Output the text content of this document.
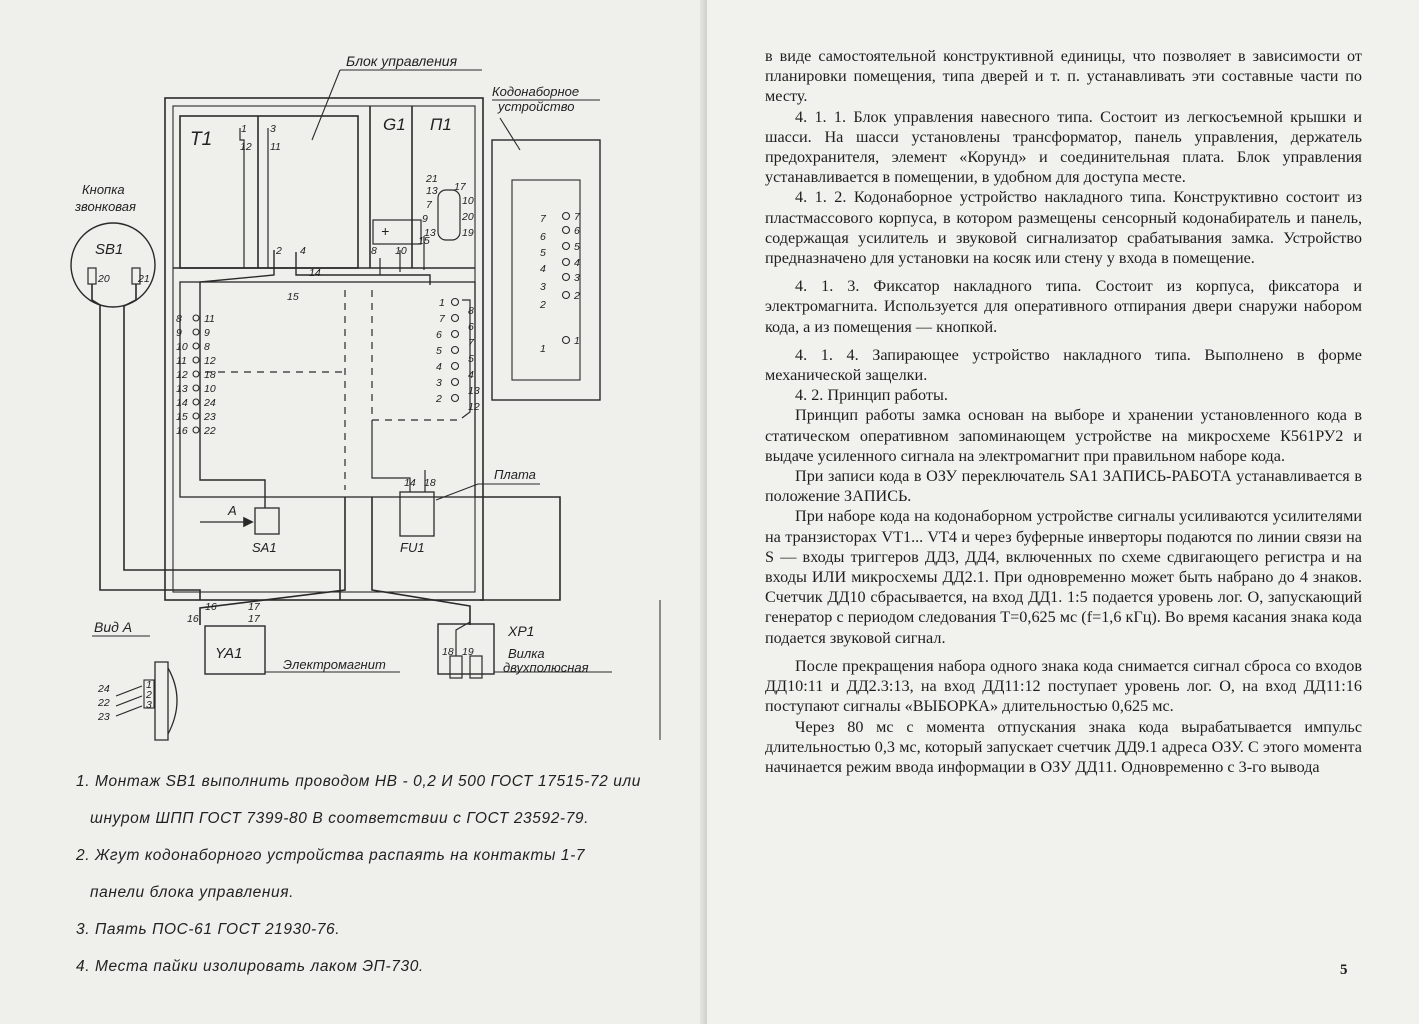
Блок управления
T1
G1 П1
+
Кодонаборное
устройство
Кнопка
звонковая
SB1
Плата
SA1	FU1
А
XP1
YA1
Электромагнит
Вилка
двухполюсная
Вид А
20	21
1
12
3
11
2 4
14
15
8 10
15
21
13 17
7
9
13
10
20
19
8 11
9 9
10 8
11 12
12 18
13 10
14 24
15 23
16 22
1
7
6
5
4
3
2
8
6
7
5
4
13
12
7	7
6	6
5	5
4	4
3
3
2
2
1
1
14 18
16
16
17
17
18 19
24
22
23
1
2
3
1. Монтаж SB1 выполнить проводом НВ - 0,2 И 500 ГОСТ 17515-72 или
шнуром ШПП ГОСТ 7399-80 В соответствии с ГОСТ 23592-79.
2. Жгут кодонаборного устройства распаять на контакты 1-7
панели блока управления.
3. Паять ПОС-61 ГОСТ 21930-76.
4. Места пайки изолировать лаком ЭП-730.

в виде самостоятельной конструктивной единицы, что позволяет в зависимости от планировки помещения, типа дверей и т. п. устанавливать эти составные части по месту.

4. 1. 1. Блок управления навесного типа. Состоит из легкосъемной крышки и шасси. На шасси установлены трансформатор, панель управления, держатель предохранителя, элемент «Корунд» и соединительная плата. Блок управления устанавливается в помещении, в удобном для доступа месте.

4. 1. 2. Кодонаборное устройство накладного типа. Конструктивно состоит из пластмассового корпуса, в котором размещены сенсорный кодонабиратель и панель, содержащая усилитель и звуковой сигнализатор срабатывания замка. Устройство предназначено для установки на косяк или стену у входа в помещение.

4. 1. 3. Фиксатор накладного типа. Состоит из корпуса, фиксатора и электромагнита. Используется для оперативного отпирания двери снаружи набором кода, а из помещения — кнопкой.

4. 1. 4. Запирающее устройство накладного типа. Выполнено в форме механической защелки.

4. 2. Принцип работы.

Принцип работы замка основан на выборе и хранении установленного кода в статическом оперативном запоминающем устройстве на микросхеме К561РУ2 и выдаче усиленного сигнала на электромагнит при правильном наборе кода.

При записи кода в ОЗУ переключатель SA1 ЗАПИСЬ-РАБОТА устанавливается в положение ЗАПИСЬ.

При наборе кода на кодонаборном устройстве сигналы усиливаются усилителями на транзисторах VT1... VT4 и через буферные инверторы подаются по линии связи на S — входы триггеров ДД3, ДД4, включенных по схеме сдвигающего регистра и на входы ИЛИ микросхемы ДД2.1. При одновременно может быть набрано до 4 знаков. Счетчик ДД10 сбрасывается, на вход ДД1. 1:5 подается уровень лог. О, запускающий генератор с периодом следования T=0,625 мс (f=1,6 кГц). Во время касания знака кода подается звуковой сигнал.

После прекращения набора одного знака кода снимается сигнал сброса со входов ДД10:11 и ДД2.3:13, на вход ДД11:12 поступает уровень лог. О, на вход ДД11:16 поступают сигналы «ВЫБОРКА» длительностью 0,625 мс.

Через 80 мс с момента отпускания знака кода вырабатывается импульс длительностью 0,3 мс, который запускает счетчик ДД9.1 адреса ОЗУ. С этого момента начинается режим ввода информации в ОЗУ ДД11. Одновременно с 3-го вывода

5
